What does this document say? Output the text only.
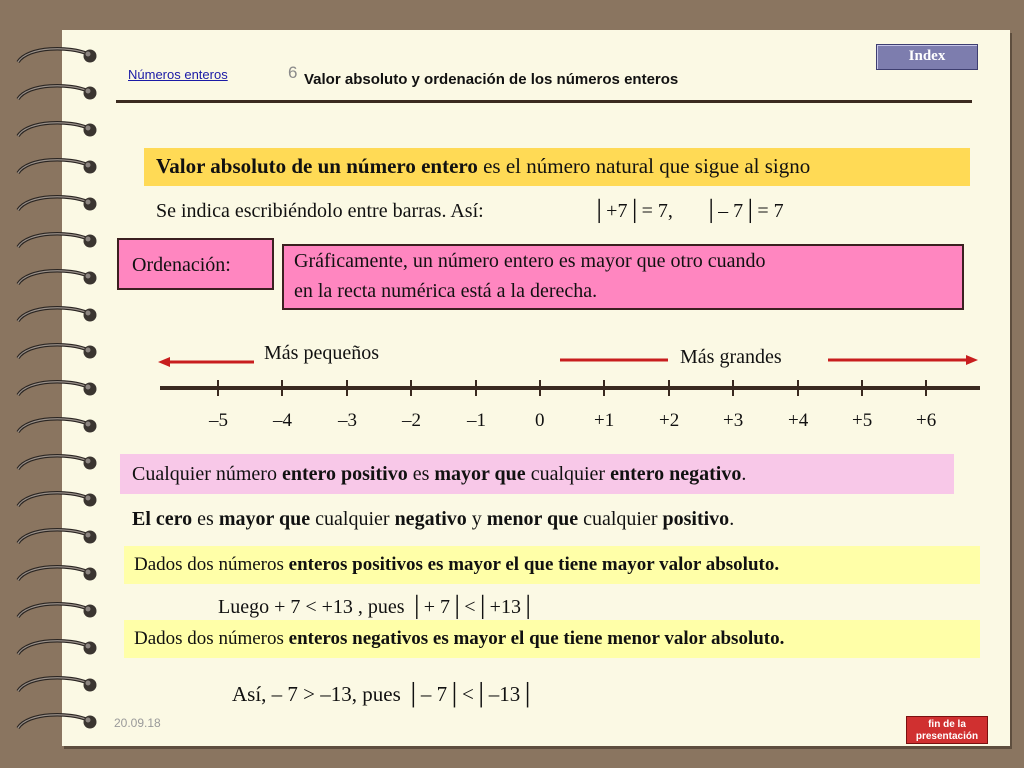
Números enteros	6 Valor absoluto y ordenación de los números enteros
Index
Valor absoluto de un número entero es el número natural que sigue al signo
Se indica escribiéndolo entre barras. Así:	│+7│= 7, │– 7│= 7
Ordenación:	Gráficamente, un número entero es mayor que otro cuando
en la recta numérica está a la derecha.
Más pequeños	Más grandes
–5 –4 –3 –2 –1	0	+1 +2 +3 +4 +5 +6
Cualquier número entero positivo es mayor que cualquier entero negativo.
El cero es mayor que cualquier negativo y menor que cualquier positivo.
Dados dos números enteros positivos es mayor el que tiene mayor valor absoluto.
Luego + 7 < +13 , pues │+ 7│<│+13│
Dados dos números enteros negativos es mayor el que tiene menor valor absoluto.
Así, – 7 > –13, pues │– 7│<│–13│
20.09.18	fin de la
presentación
